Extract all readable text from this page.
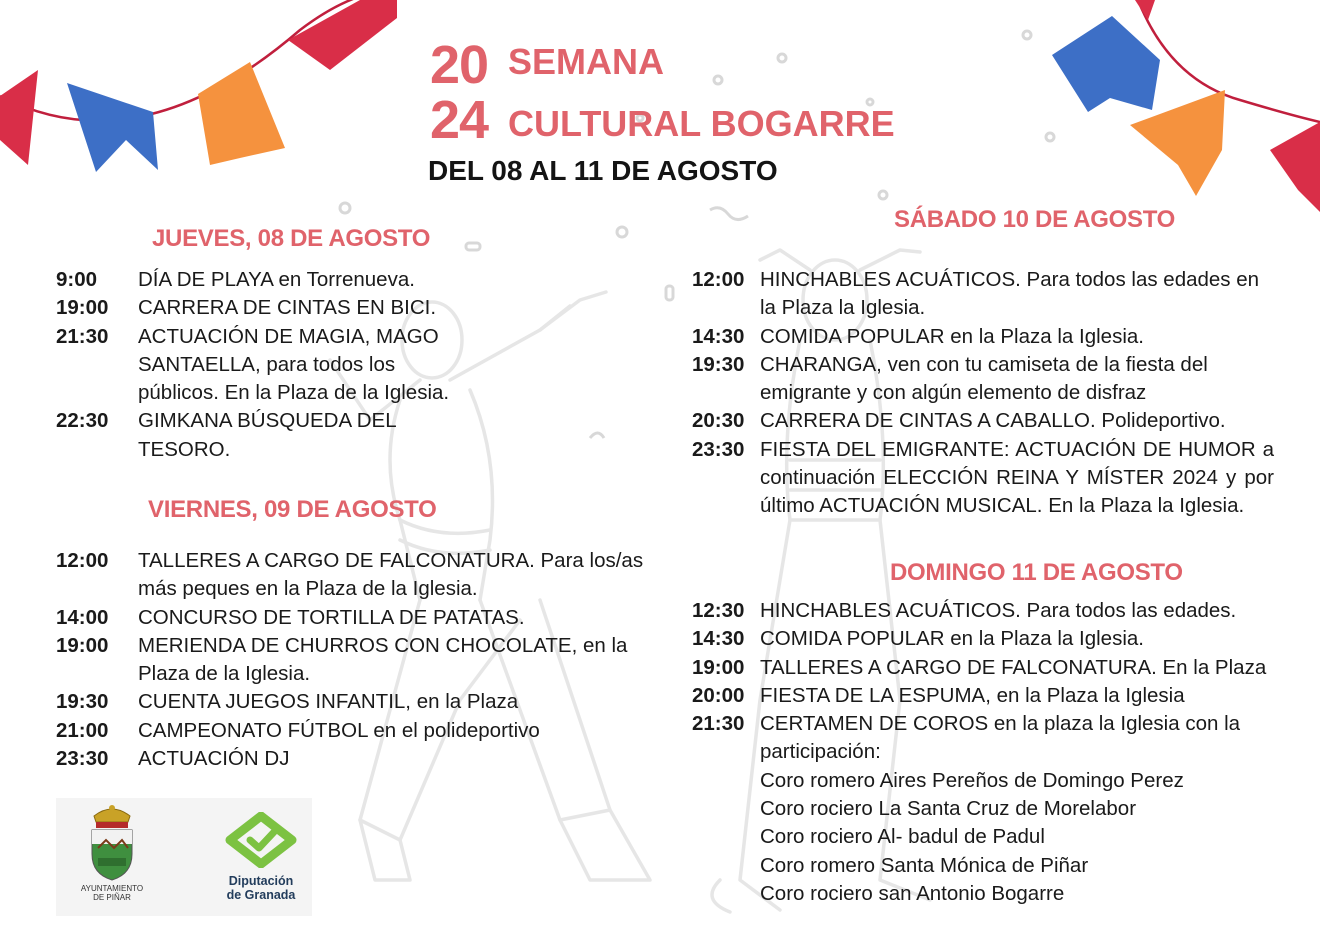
20
24
SEMANA
CULTURAL BOGARRE
DEL 08 AL 11 DE AGOSTO
JUEVES, 08 DE AGOSTO
9:00	DÍA DE PLAYA en Torrenueva.
19:00	CARRERA DE CINTAS EN BICI.
21:30	ACTUACIÓN DE MAGIA, MAGO SANTAELLA, para todos los públicos. En la Plaza de la Iglesia.
22:30	GIMKANA BÚSQUEDA DEL TESORO.
VIERNES, 09 DE AGOSTO
12:00	TALLERES A CARGO DE FALCONATURA. Para los/as más peques en la Plaza de la Iglesia.
14:00	CONCURSO DE TORTILLA DE PATATAS.
19:00	MERIENDA DE CHURROS CON CHOCOLATE, en la Plaza de la Iglesia.
19:30	CUENTA JUEGOS INFANTIL, en la Plaza
21:00	CAMPEONATO FÚTBOL en el polideportivo
23:30	ACTUACIÓN DJ
SÁBADO 10 DE AGOSTO
12:00 HINCHABLES ACUÁTICOS. Para todos las edades en la Plaza la Iglesia.
14:30 COMIDA POPULAR en la Plaza la Iglesia.
19:30 CHARANGA, ven con tu camiseta de la fiesta del emigrante y con algún elemento de disfraz
20:30 CARRERA DE CINTAS A CABALLO. Polideportivo.
23:30 FIESTA DEL EMIGRANTE: ACTUACIÓN DE HUMOR a continuación ELECCIÓN REINA Y MÍSTER 2024 y por último ACTUACIÓN MUSICAL. En la Plaza la Iglesia.
DOMINGO 11 DE AGOSTO
12:30 HINCHABLES ACUÁTICOS. Para todos las edades.
14:30 COMIDA POPULAR en la Plaza la Iglesia.
19:00 TALLERES A CARGO DE FALCONATURA. En la Plaza
20:00 FIESTA DE LA ESPUMA, en la Plaza la Iglesia
21:30 CERTAMEN DE COROS en la plaza la Iglesia con la participación:
Coro romero Aires Pereños de Domingo Perez
Coro rociero La Santa Cruz de Morelabor
Coro rociero Al- badul de Padul
Coro romero Santa Mónica de Piñar
Coro rociero san Antonio Bogarre
AYUNTAMIENTO
DE PIÑAR
Diputación
de Granada
